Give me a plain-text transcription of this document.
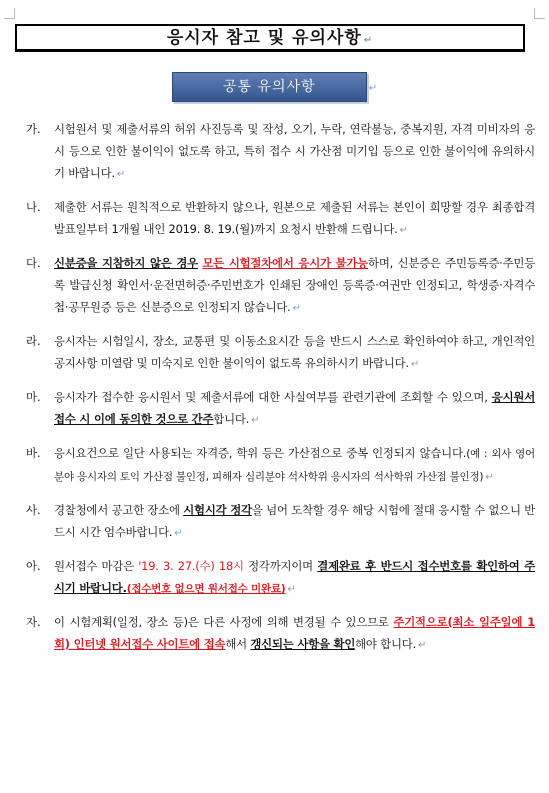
응시자 참고 및 유의사항 ↵
공통 유의사항	↵
가. 시험원서 및 제출서류의 허위 사진등록 및 작성, 오기, 누락, 연락불능, 중복지원, 자격 미비자의 응시 등으로 인한 불이익이 없도록 하고, 특히 접수 시 가산점 미기입 등으로 인한 불이익에 유의하시기 바랍니다. ↵
나. 제출한 서류는 원칙적으로 반환하지 않으나, 원본으로 제출된 서류는 본인이 희망할 경우 최종합격 발표일부터 1개월 내인 2019. 8. 19.(월)까지 요청시 반환해 드립니다. ↵
다. 신분증을 지참하지 않은 경우 모든 시험절차에서 응시가 불가능하며, 신분증은 주민등록증·주민등록 발급신청 확인서·운전면허증·주민번호가 인쇄된 장애인 등록증·여권만 인정되고, 학생증·자격수첩·공무원증 등은 신분증으로 인정되지 않습니다. ↵
라. 응시자는 시험일시, 장소, 교통편 및 이동소요시간 등을 반드시 스스로 확인하여야 하고, 개인적인 공지사항 미열람 및 미숙지로 인한 불이익이 없도록 유의하시기 바랍니다. ↵
마. 응시자가 접수한 응시원서 및 제출서류에 대한 사실여부를 관련기관에 조회할 수 있으며, 응시원서 접수 시 이에 동의한 것으로 간주합니다. ↵
바. 응시요건으로 일단 사용되는 자격증, 학위 등은 가산점으로 중복 인정되지 않습니다.(예 : 외사 영어분야 응시자의 토익 가산점 불인정, 피해자 심리분야 석사학위 응시자의 석사학위 가산점 불인정) ↵
사. 경찰청에서 공고한 장소에 시험시각 정각을 넘어 도착할 경우 해당 시험에 절대 응시할 수 없으니 반드시 시간 엄수바랍니다. ↵
아. 원서접수 마감은 '19. 3. 27.(수) 18시 정각까지이며 결제완료 후 반드시 접수번호를 확인하여 주시기 바랍니다.(접수번호 없으면 원서접수 미완료) ↵
자. 이 시험계획(일정, 장소 등)은 다른 사정에 의해 변경될 수 있으므로 주기적으로(최소 일주일에 1회) 인터넷 원서접수 사이트에 접속해서 갱신되는 사항을 확인해야 합니다. ↵
